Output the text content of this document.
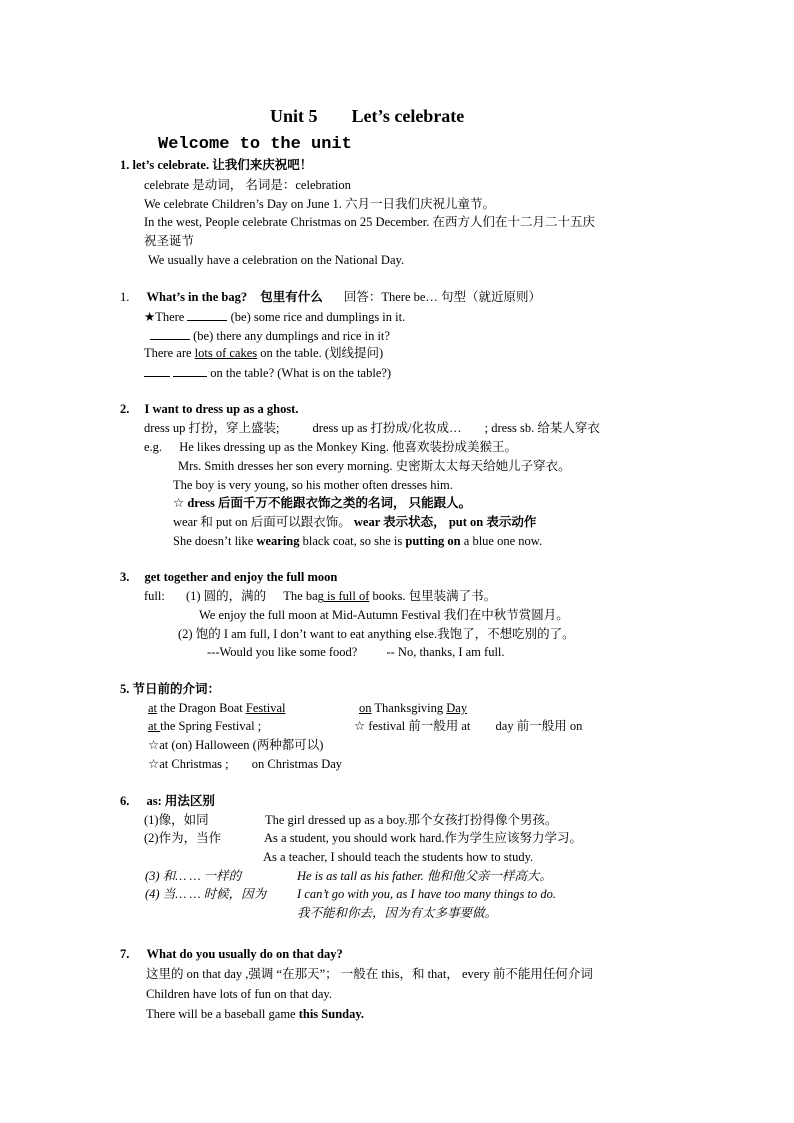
Unit 5 Let’s celebrate
Welcome to the unit
1. let’s celebrate. 让我们来庆祝吧！
celebrate 是动词， 名词是：celebration
We celebrate Children’s Day on June 1. 六月一日我们庆祝儿童节。
In the west, People celebrate Christmas on 25 December. 在西方人们在十二月二十五庆
祝圣诞节
We usually have a celebration on the National Day.
1. What’s in the bag? 包里有什么 回答：There be… 句型（就近原则）
★There	(be) some rice and dumplings in it.
(be) there any dumplings and rice in it?
There are lots of cakes on the table. (划线提问)
on the table? (What is on the table?)
2. I want to dress up as a ghost.
dress up 打扮，穿上盛装;	dress up as 打扮成/化妆成… ; dress sb. 给某人穿衣
e.g. He likes dressing up as the Monkey King. 他喜欢装扮成美猴王。
Mrs. Smith dresses her son every morning. 史密斯太太每天给她儿子穿衣。
The boy is very young, so his mother often dresses him.
☆ dress 后面千万不能跟衣饰之类的名词， 只能跟人。
wear 和 put on 后面可以跟衣饰。 wear 表示状态， put on 表示动作
She doesn’t like wearing black coat, so she is putting on a blue one now.
3. get together and enjoy the full moon
full: (1) 圆的，满的 The bag is full of books. 包里装满了书。
We enjoy the full moon at Mid-Autumn Festival 我们在中秋节赏圆月。
(2) 饱的 I am full, I don’t want to eat anything else.我饱了，不想吃别的了。
---Would you like some food? -- No, thanks, I am full.
5. 节日前的介词：
at the Dragon Boat Festival	on Thanksgiving Day
at the Spring Festival ;	☆ festival 前一般用 at day 前一般用 on
☆at (on) Halloween (两种都可以)
☆at Christmas ; on Christmas Day
6. as: 用法区别
(1)像，如同	The girl dressed up as a boy.那个女孩打扮得像个男孩。
(2)作为，当作	As a student, you should work hard.作为学生应该努力学习。
As a teacher, I should teach the students how to study.
(3) 和… … 一样的	He is as tall as his father. 他和他父亲一样高大。
(4) 当… … 时候，因为 I can’t go with you, as I have too many things to do.
我不能和你去，因为有太多事要做。
7. What do you usually do on that day?
这里的 on that day ,强调 “在那天”； 一般在 this，和 that， every 前不能用任何介词
Children have lots of fun on that day.
There will be a baseball game this Sunday.
